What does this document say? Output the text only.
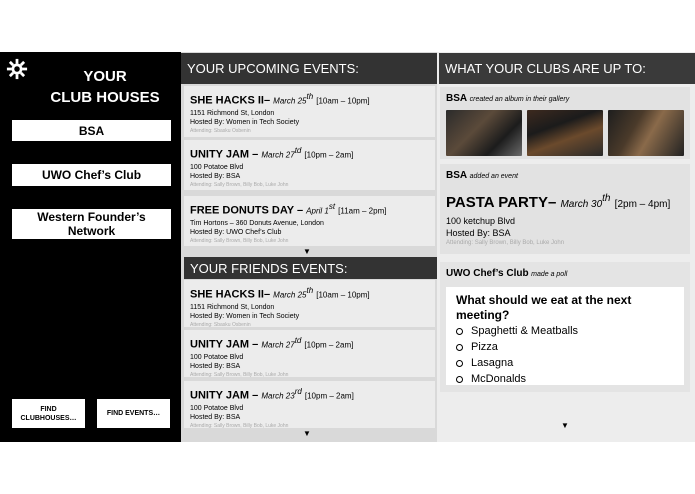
YOUR
CLUB HOUSES
BSA
UWO Chef’s Club
Western Founder’s Network
FIND
CLUBHOUSES…
FIND EVENTS…
YOUR UPCOMING EVENTS:
SHE HACKS II– March 25th [10am – 10pm]
1151 Richmond St, London
Hosted By: Women in Tech Society
Attending: Sbasku Osbenin
UNITY JAM – March $27^{td}$ [10pm – 2am]
100 Potatoe Blvd
Hosted By: BSA
Attending: Sally Brown, Billy Bob, Luke John
FREE DONUTS DAY – April 1st [11am – 2pm]
Tim Hortons – 360 Donuts Avenue, London
Hosted By: UWO Chef’s Club
Attending: Sally Brown, Billy Bob, Luke John
▼
YOUR FRIENDS EVENTS:
SHE HACKS II– March 25th [10am – 10pm]
1151 Richmond St, London
Hosted By: Women in Tech Society
Attending: Sbasku Osbenin
UNITY JAM – March $27^{td}$ [10pm – 2am]
100 Potatoe Blvd
Hosted By: BSA
Attending: Sally Brown, Billy Bob, Luke John
UNITY JAM – March 23rd [10pm – 2am]
100 Potatoe Blvd
Hosted By: BSA
Attending: Sally Brown, Billy Bob, Luke John
▼
WHAT YOUR CLUBS ARE UP TO:
BSA created an album in their gallery
BSA added an event
PASTA PARTY– March 30th [2pm – 4pm]
100 ketchup Blvd
Hosted By: BSA
Attending: Sally Brown, Billy Bob, Luke John
UWO Chef’s Club made a poll
What should we eat at the next meeting?
Spaghetti & Meatballs
Pizza
Lasagna
McDonalds
▼
